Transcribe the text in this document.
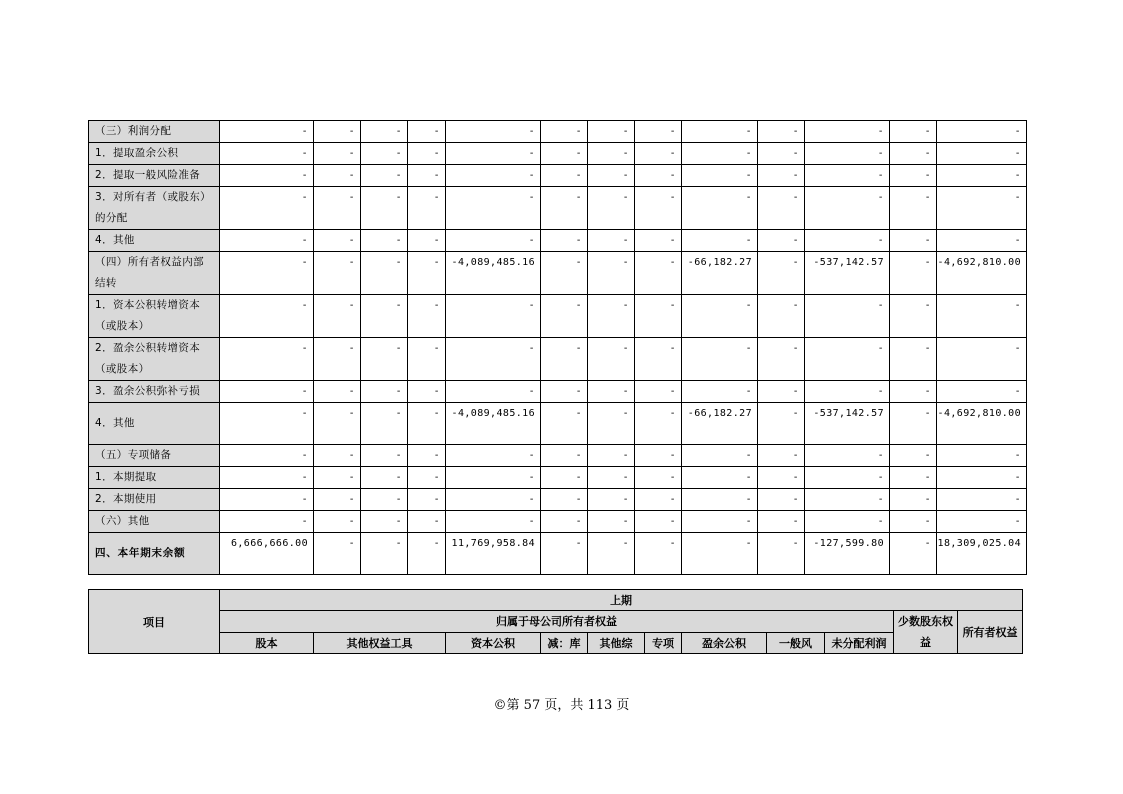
（三）利润分配	-	-	-	-	-	-	-	-	-	-	-	-	-

1．提取盈余公积	-	-	-	-	-	-	-	-	-	-	-	-	-

2．提取一般风险准备	-	-	-	-	-	-	-	-	-	-	-	-	-

3．对所有者（或股东）
的分配	-	-	-	-	-	-	-	-	-	-	-	-	-

4．其他	-	-	-	-	-	-	-	-	-	-	-	-	-

（四）所有者权益内部
结转	-	-	-	-	-4,089,485.16	-	-	-	-66,182.27	-	-537,142.57	-	-4,692,810.00

1．资本公积转增资本
（或股本）	-	-	-	-	-	-	-	-	-	-	-	-	-

2．盈余公积转增资本
（或股本）	-	-	-	-	-	-	-	-	-	-	-	-	-

3．盈余公积弥补亏损	-	-	-	-	-	-	-	-	-	-	-	-	-

4．其他	-	-	-	-	-4,089,485.16	-	-	-	-66,182.27	-	-537,142.57	-	-4,692,810.00

（五）专项储备	-	-	-	-	-	-	-	-	-	-	-	-	-

1．本期提取	-	-	-	-	-	-	-	-	-	-	-	-	-

2．本期使用	-	-	-	-	-	-	-	-	-	-	-	-	-

（六）其他	-	-	-	-	-	-	-	-	-	-	-	-	-

四、本年期末余额	6,666,666.00	-	-	-	11,769,958.84	-	-	-	-	-	-127,599.80	-	18,309,025.04
项目	上期										
	归属于母公司所有者权益									少数股东权益	所有者权益
	股本	其他权益工具	资本公积	减：库	其他综	专项	盈余公积	一般风	未分配利润		
©第 57 页，共 113 页
